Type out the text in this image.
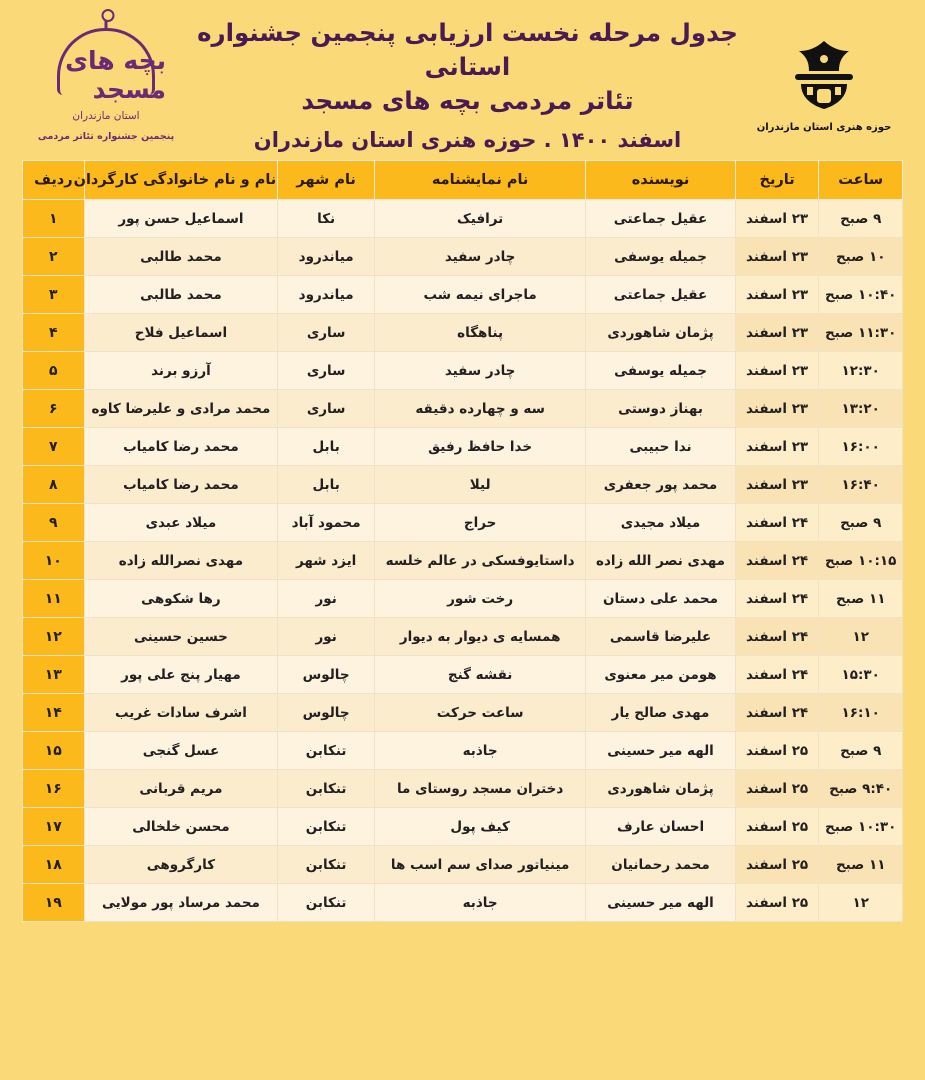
بچه های مسجد
استان مازندران
پنجمین جشنواره تئاتر مردمی
جدول مرحله نخست ارزیابی پنجمین جشنواره استانی
تئاتر مردمی بچه های مسجد
اسفند ۱۴۰۰ . حوزه هنری استان مازندران
حوزه هنری استان مازندران
ساعت	تاریخ	نویسنده	نام نمایشنامه	نام شهر	نام و نام خانوادگی کارگردان	ردیف
۹ صبح	۲۳ اسفند	عقیل جماعتی	ترافیک	نکا	اسماعیل حسن پور	۱
۱۰ صبح	۲۳ اسفند	جمیله یوسفی	چادر سفید	میاندرود	محمد طالبی	۲
۱۰:۴۰ صبح	۲۳ اسفند	عقیل جماعتی	ماجرای نیمه شب	میاندرود	محمد طالبی	۳
۱۱:۳۰ صبح	۲۳ اسفند	پژمان شاهوردی	پناهگاه	ساری	اسماعیل فلاح	۴
۱۲:۳۰	۲۳ اسفند	جمیله یوسفی	چادر سفید	ساری	آرزو برند	۵
۱۳:۲۰	۲۳ اسفند	بهناز دوستی	سه و چهارده دقیقه	ساری	محمد مرادی و علیرضا کاوه	۶
۱۶:۰۰	۲۳ اسفند	ندا حبیبی	خدا حافظ رفیق	بابل	محمد رضا کامیاب	۷
۱۶:۴۰	۲۳ اسفند	محمد پور جعفری	لیلا	بابل	محمد رضا کامیاب	۸
۹ صبح	۲۴ اسفند	میلاد مجیدی	حراج	محمود آباد	میلاد عبدی	۹
۱۰:۱۵ صبح	۲۴ اسفند	مهدی نصر الله زاده	داستایوفسکی در عالم خلسه	ایزد شهر	مهدی نصرالله زاده	۱۰
۱۱ صبح	۲۴ اسفند	محمد علی دستان	رخت شور	نور	رها شکوهی	۱۱
۱۲	۲۴ اسفند	علیرضا قاسمی	همسایه ی دیوار به دیوار	نور	حسین حسینی	۱۲
۱۵:۳۰	۲۴ اسفند	هومن میر معنوی	نقشه گنج	چالوس	مهیار پنج علی پور	۱۳
۱۶:۱۰	۲۴ اسفند	مهدی صالح یار	ساعت حرکت	چالوس	اشرف سادات غریب	۱۴
۹ صبح	۲۵ اسفند	الهه میر حسینی	جاذبه	تنکابن	عسل گنجی	۱۵
۹:۴۰ صبح	۲۵ اسفند	پژمان شاهوردی	دختران مسجد روستای ما	تنکابن	مریم قربانی	۱۶
۱۰:۳۰ صبح	۲۵ اسفند	احسان عارف	کیف پول	تنکابن	محسن خلخالی	۱۷
۱۱ صبح	۲۵ اسفند	محمد رحمانیان	مینیاتور صدای سم اسب ها	تنکابن	کارگروهی	۱۸
۱۲	۲۵ اسفند	الهه میر حسینی	جاذبه	تنکابن	محمد مرساد پور مولایی	۱۹
